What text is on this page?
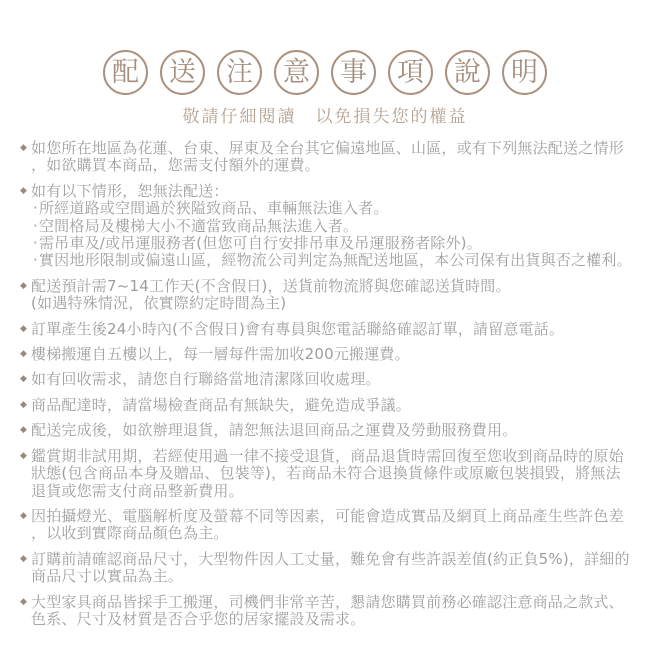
配	送	注	意	事	項	說	明
敬請仔細閱讀　以免損失您的權益
◆ 如您所在地區為花蓮、台東、屏東及全台其它偏遠地區、山區，或有下列無法配送之情形，如欲購買本商品，您需支付額外的運費。
◆ 如有以下情形，恕無法配送：
·所經道路或空間過於狹隘致商品、車輛無法進入者。
·空間格局及樓梯大小不適當致商品無法進入者。
·需吊車及/或吊運服務者(但您可自行安排吊車及吊運服務者除外)。
·實因地形限制或偏遠山區，經物流公司判定為無配送地區，本公司保有出貨與否之權利。
◆ 配送預計需7~14工作天(不含假日)，送貨前物流將與您確認送貨時間。
(如遇特殊情況，依實際約定時間為主)
◆ 訂單產生後24小時內(不含假日)會有專員與您電話聯絡確認訂單，請留意電話。
◆ 樓梯搬運自五樓以上，每一層每件需加收200元搬運費。
◆ 如有回收需求，請您自行聯絡當地清潔隊回收處理。
◆ 商品配達時，請當場檢查商品有無缺失，避免造成爭議。
◆ 配送完成後，如欲辦理退貨，請恕無法退回商品之運費及勞動服務費用。
◆ 鑑賞期非試用期，若經使用過一律不接受退貨，商品退貨時需回復至您收到商品時的原始狀態(包含商品本身及贈品、包裝等)，若商品未符合退換貨條件或原廠包裝損毀，將無法退貨或您需支付商品整新費用。
◆ 因拍攝燈光、電腦解析度及螢幕不同等因素，可能會造成實品及網頁上商品產生些許色差，以收到實際商品顏色為主。
◆ 訂購前請確認商品尺寸，大型物件因人工丈量，難免會有些許誤差值(約正負5%)，詳細的商品尺寸以實品為主。
◆ 大型家具商品皆採手工搬運，司機們非常辛苦，懇請您購買前務必確認注意商品之款式、色系、尺寸及材質是否合乎您的居家擺設及需求。
